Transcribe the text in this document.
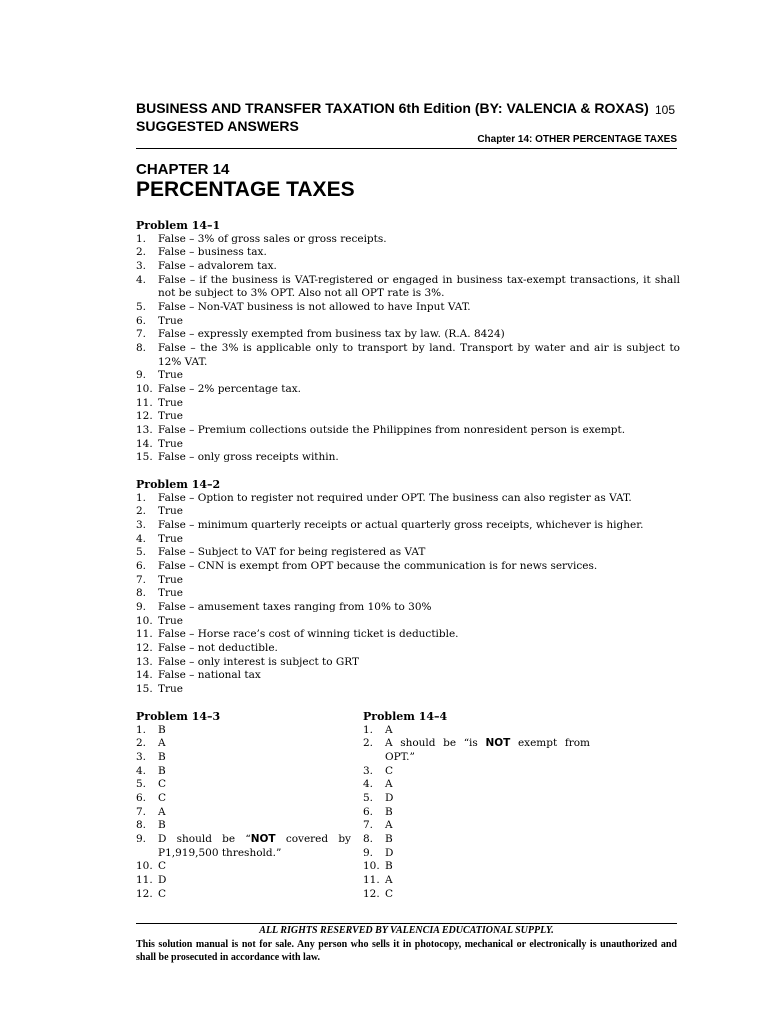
BUSINESS AND TRANSFER TAXATION 6th Edition (BY: VALENCIA & ROXAS) 105
SUGGESTED ANSWERS
Chapter 14: OTHER PERCENTAGE TAXES
CHAPTER 14
PERCENTAGE TAXES
Problem 14–1
1.	False – 3% of gross sales or gross receipts.
2.	False – business tax.
3.	False – advalorem tax.
4.	False – if the business is VAT-registered or engaged in business tax-exempt transactions, it shall not be subject to 3% OPT. Also not all OPT rate is 3%.
5.	False – Non-VAT business is not allowed to have Input VAT.
6.	True
7.	False – expressly exempted from business tax by law. (R.A. 8424)
8.	False – the 3% is applicable only to transport by land. Transport by water and air is subject to 12% VAT.
9.	True
10. False – 2% percentage tax.
11. True
12. True
13. False – Premium collections outside the Philippines from nonresident person is exempt.
14. True
15. False – only gross receipts within.
Problem 14–2
1.	False – Option to register not required under OPT. The business can also register as VAT.
2.	True
3.	False – minimum quarterly receipts or actual quarterly gross receipts, whichever is higher.
4.	True
5.	False – Subject to VAT for being registered as VAT
6.	False – CNN is exempt from OPT because the communication is for news services.
7.	True
8.	True
9.	False – amusement taxes ranging from 10% to 30%
10. True
11. False – Horse race’s cost of winning ticket is deductible.
12. False – not deductible.
13. False – only interest is subject to GRT
14. False – national tax
15. True
Problem 14–3
1.	B
2.	A
3.	B
4.	B
5.	C
6.	C
7.	A
8.	B
9.	D should be “NOT covered by P1,919,500 threshold.”
10. C
11. D
12. C
Problem 14–4
1.	A
2.	A should be “is NOT exempt from OPT.”
3.	C
4.	A
5.	D
6.	B
7.	A
8.	B
9.	D
10. B
11. A
12. C
ALL RIGHTS RESERVED BY VALENCIA EDUCATIONAL SUPPLY.
This solution manual is not for sale. Any person who sells it in photocopy, mechanical or electronically is unauthorized and shall be prosecuted in accordance with law.
